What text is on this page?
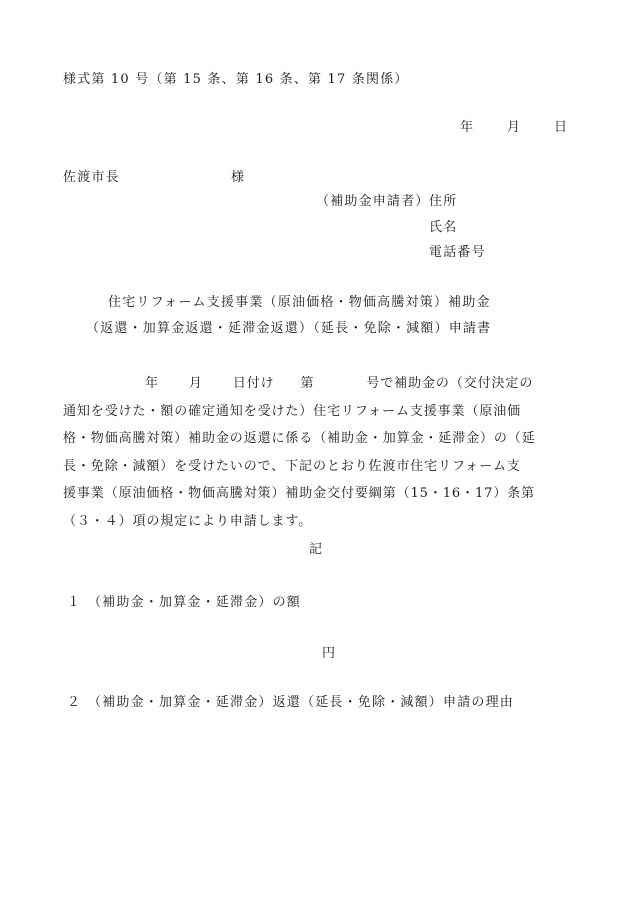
様式第 10 号（第 15 条、第 16 条、第 17 条関係）
年	月	日
佐渡市長	様
（補助金申請者） 住所
氏名
電話番号
住宅リフォーム支援事業（原油価格・物価高騰対策）補助金
（返還・加算金返還・延滞金返還）（延長・免除・減額）申請書
年 月 日付け 第	号で補助金の（交付決定の
通知を受けた・額の確定通知を受けた）住宅リフォーム支援事業（原油価
格・物価高騰対策）補助金の返還に係る（補助金・加算金・延滞金）の（延
長・免除・減額）を受けたいので、下記のとおり佐渡市住宅リフォーム支
援事業（原油価格・物価高騰対策）補助金交付要綱第（15・16・17）条第
（３・４）項の規定により申請します。
記
１ （補助金・加算金・延滞金）の額
円
２ （補助金・加算金・延滞金）返還（延長・免除・減額）申請の理由
